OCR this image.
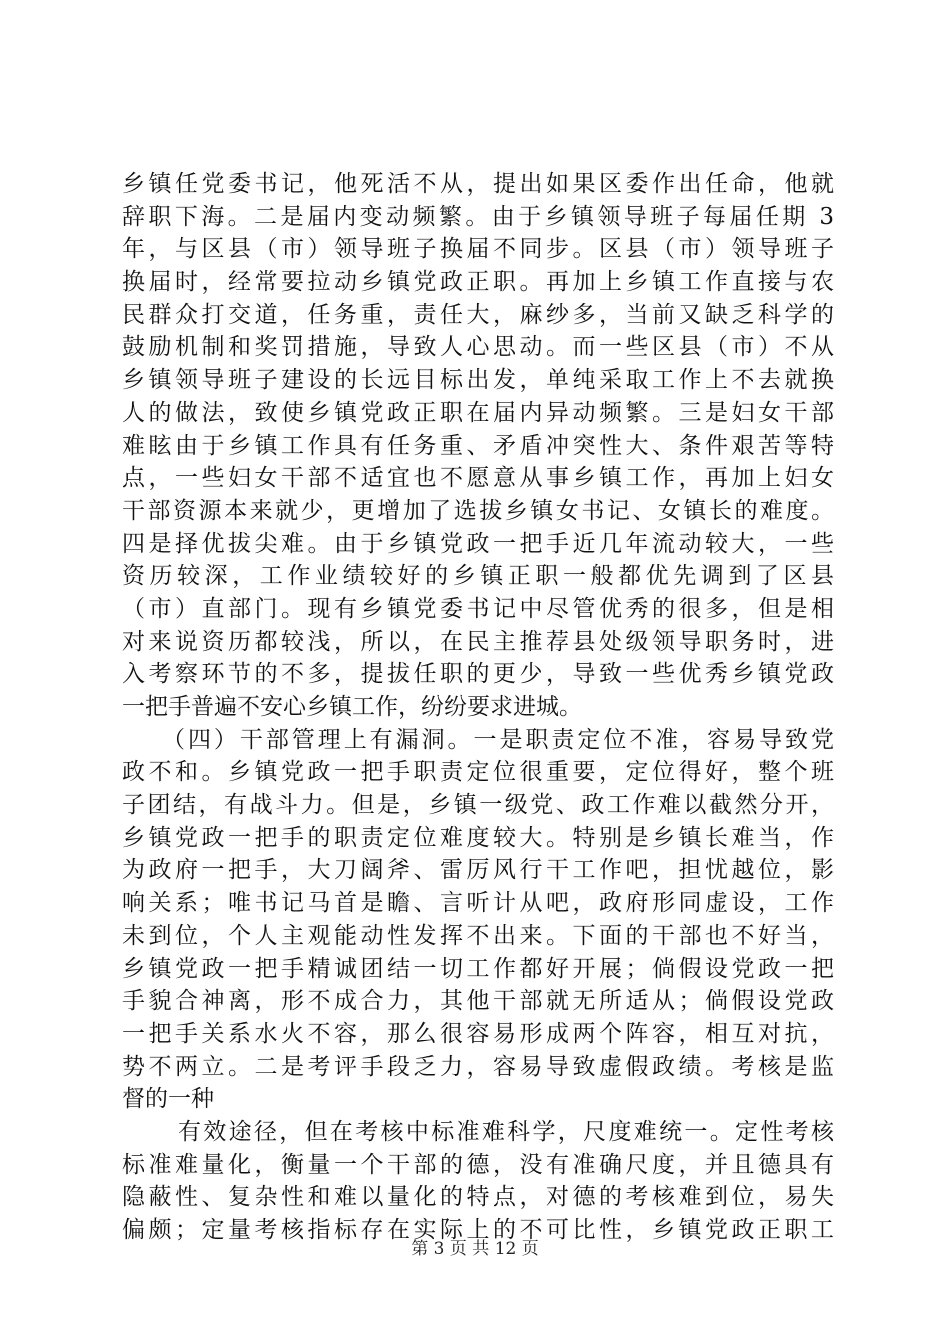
乡镇任党委书记，他死活不从，提出如果区委作出任命，他就
辞职下海。二是届内变动频繁。由于乡镇领导班子每届任期 3
年，与区县（市）领导班子换届不同步。区县（市）领导班子
换届时，经常要拉动乡镇党政正职。再加上乡镇工作直接与农
民群众打交道，任务重，责任大，麻纱多，当前又缺乏科学的
鼓励机制和奖罚措施，导致人心思动。而一些区县（市）不从
乡镇领导班子建设的长远目标出发，单纯采取工作上不去就换
人的做法，致使乡镇党政正职在届内异动频繁。三是妇女干部
难眩由于乡镇工作具有任务重、矛盾冲突性大、条件艰苦等特
点，一些妇女干部不适宜也不愿意从事乡镇工作，再加上妇女
干部资源本来就少，更增加了选拔乡镇女书记、女镇长的难度。
四是择优拔尖难。由于乡镇党政一把手近几年流动较大，一些
资历较深，工作业绩较好的乡镇正职一般都优先调到了区县
（市）直部门。现有乡镇党委书记中尽管优秀的很多，但是相
对来说资历都较浅，所以，在民主推荐县处级领导职务时，进
入考察环节的不多，提拔任职的更少，导致一些优秀乡镇党政
一把手普遍不安心乡镇工作，纷纷要求进城。
（四）干部管理上有漏洞。一是职责定位不准，容易导致党
政不和。乡镇党政一把手职责定位很重要，定位得好，整个班
子团结，有战斗力。但是，乡镇一级党、政工作难以截然分开，
乡镇党政一把手的职责定位难度较大。特别是乡镇长难当，作
为政府一把手，大刀阔斧、雷厉风行干工作吧，担忧越位，影
响关系；唯书记马首是瞻、言听计从吧，政府形同虚设，工作
未到位，个人主观能动性发挥不出来。下面的干部也不好当，
乡镇党政一把手精诚团结一切工作都好开展；倘假设党政一把
手貌合神离，形不成合力，其他干部就无所适从；倘假设党政
一把手关系水火不容，那么很容易形成两个阵容，相互对抗，
势不两立。二是考评手段乏力，容易导致虚假政绩。考核是监
督的一种
有效途径，但在考核中标准难科学，尺度难统一。定性考核
标准难量化，衡量一个干部的德，没有准确尺度，并且德具有
隐蔽性、复杂性和难以量化的特点，对德的考核难到位，易失
偏颇；定量考核指标存在实际上的不可比性，乡镇党政正职工
第 3 页 共 12 页
